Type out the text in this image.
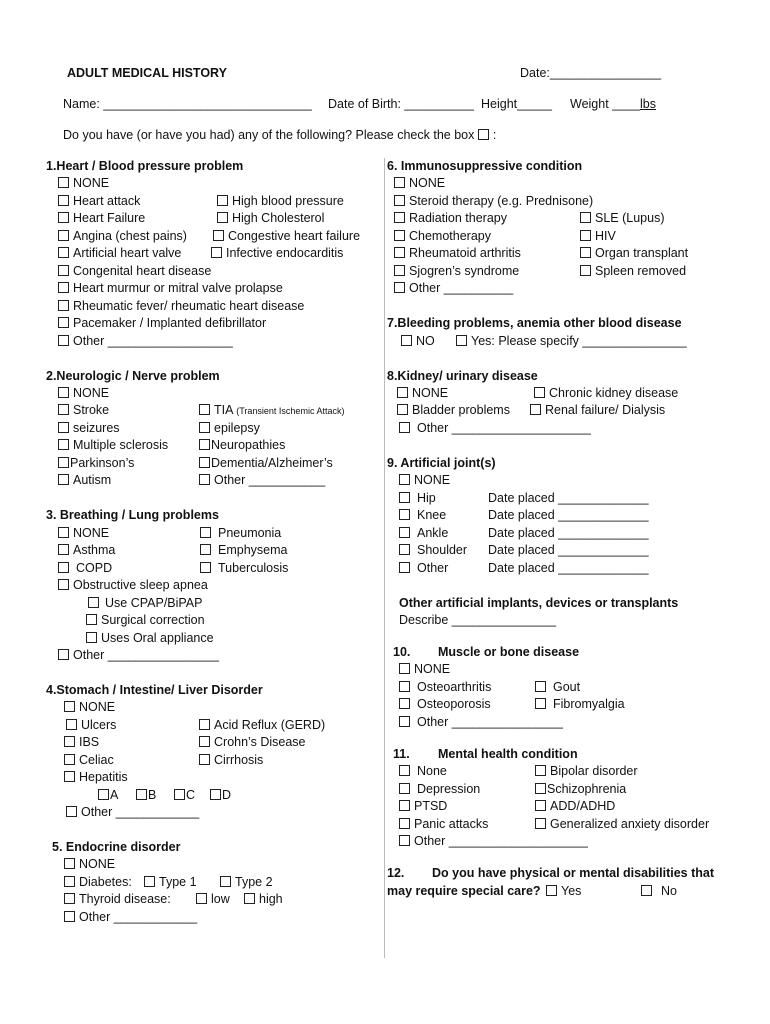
ADULT MEDICAL HISTORY	Date:________________
Name: ______________________________ Date of Birth: __________ Height_____ Weight ____lbs
Do you have (or have you had) any of the following? Please check the box :
1.Heart / Blood pressure problem
NONE
Heart attack	High blood pressure
Heart Failure	High Cholesterol
Angina (chest pains)	Congestive heart failure
Artificial heart valve	Infective endocarditis
Congenital heart disease
Heart murmur or mitral valve prolapse
Rheumatic fever/ rheumatic heart disease
Pacemaker / Implanted defibrillator
Other __________________
2.Neurologic / Nerve problem
NONE
Stroke	TIA (Transient Ischemic Attack)
seizures	epilepsy
Multiple sclerosis	Neuropathies
Parkinson’s	Dementia/Alzheimer’s
Autism	Other ___________
3. Breathing / Lung problems
NONE	Pneumonia
Asthma	Emphysema
COPD	Tuberculosis
Obstructive sleep apnea
Use CPAP/BiPAP
Surgical correction
Uses Oral appliance
Other ________________
4.Stomach / Intestine/ Liver Disorder
NONE
Ulcers	Acid Reflux (GERD)
IBS	Crohn’s Disease
Celiac	Cirrhosis
Hepatitis
A	B	C	D
Other ____________
5. Endocrine disorder
NONE
Diabetes:	Type 1	Type 2
Thyroid disease:	low	high
Other ____________
6. Immunosuppressive condition
NONE
Steroid therapy (e.g. Prednisone)
Radiation therapy	SLE (Lupus)
Chemotherapy	HIV
Rheumatoid arthritis	Organ transplant
Sjogren’s syndrome	Spleen removed
Other __________
7.Bleeding problems, anemia other blood disease
NO	Yes: Please specify _______________
8.Kidney/ urinary disease
NONE	Chronic kidney disease
Bladder problems	Renal failure/ Dialysis
Other ____________________
9. Artificial joint(s)
NONE
Hip	Date placed _____________
Knee	Date placed _____________
Ankle	Date placed _____________
Shoulder Date placed _____________
Other	Date placed _____________
Other artificial implants, devices or transplants
Describe _______________
10. Muscle or bone disease
NONE
Osteoarthritis	Gout
Osteoporosis	Fibromyalgia
Other ________________
11. Mental health condition
None	Bipolar disorder
Depression	Schizophrenia
PTSD	ADD/ADHD
Panic attacks	Generalized anxiety disorder
Other ____________________
12. Do you have physical or mental disabilities that
may require special care?	Yes	No
